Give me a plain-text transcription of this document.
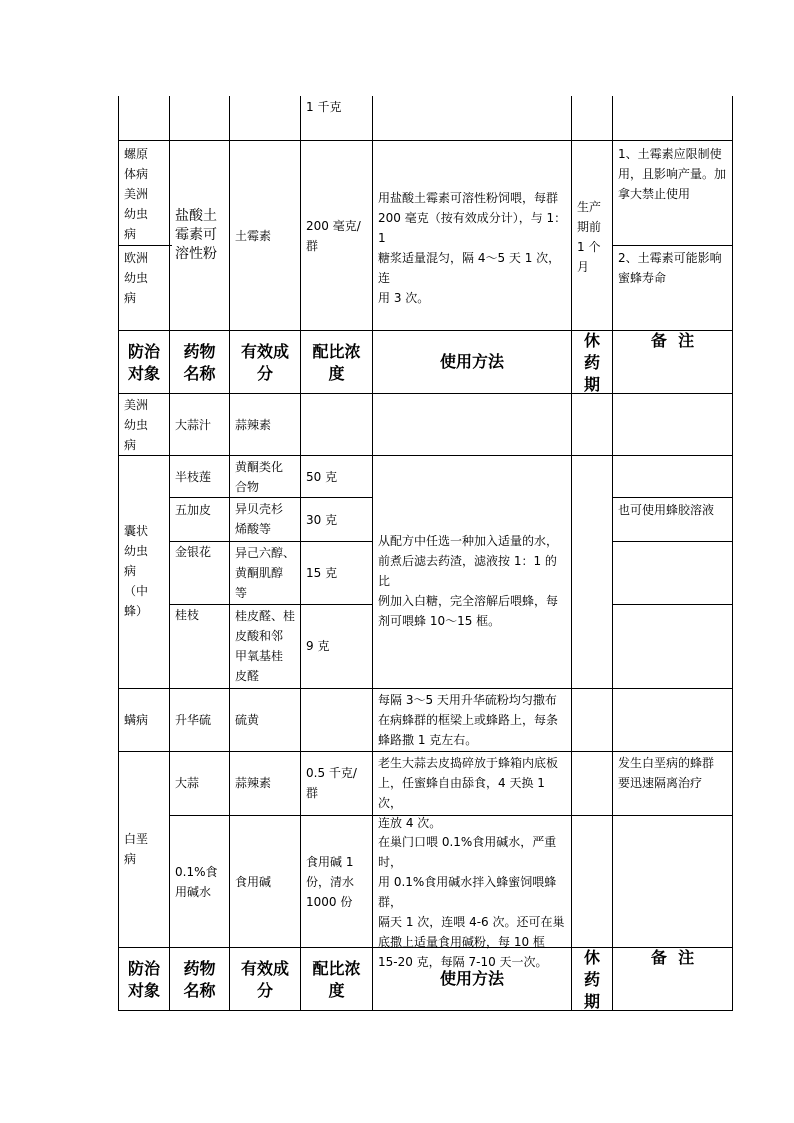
1 千克
螺原
体病
美洲
幼虫
病
欧洲
幼虫
病
盐酸土
霉素可
溶性粉
土霉素
200 毫克/
群
用盐酸土霉素可溶性粉饲喂，每群
200 毫克（按有效成分计），与 1：1
糖浆适量混匀，隔 4～5 天 1 次，连
用 3 次。
生产
期前
1 个
月
1、土霉素应限制使
用，且影响产量。加
拿大禁止使用
2、土霉素可能影响
蜜蜂寿命
防治
对象
药物
名称
有效成
分
配比浓
度
使用方法
休
药
期
备  注
美洲
幼虫
病
大蒜汁 蒜辣素
囊状
幼虫
病
（中
蜂）
半枝莲
黄酮类化
合物
50 克
五加皮 异贝壳杉
烯酸等
30 克
金银花 异己六醇、
黄酮肌醇
等
15 克
桂枝	桂皮醛、桂
皮酸和邻
甲氧基桂
皮醛
9 克
从配方中任选一种加入适量的水，
前煮后滤去药渣，滤液按 1：1 的比
例加入白糖，完全溶解后喂蜂，每
剂可喂蜂 10～15 框。
也可使用蜂胶溶液
螨病 升华硫 硫黄
每隔 3～5 天用升华硫粉均匀撒布
在病蜂群的框梁上或蜂路上，每条
蜂路撒 1 克左右。
白垩
病
大蒜	蒜辣素
0.5 千克/
群
老生大蒜去皮捣碎放于蜂箱内底板
上，任蜜蜂自由舔食，4 天换 1 次，
连放 4 次。
发生白垩病的蜂群
要迅速隔离治疗
0.1%食
用碱水
食用碱
食用碱 1
份，清水
1000 份
在巢门口喂 0.1%食用碱水，严重时，
用 0.1%食用碱水拌入蜂蜜饲喂蜂群，
隔天 1 次，连喂 4-6 次。还可在巢
底撒上适量食用碱粉，每 10 框
15-20 克，每隔 7-10 天一次。
防治
对象
药物
名称
有效成
分
配比浓
度
使用方法
休
药
期
备  注
